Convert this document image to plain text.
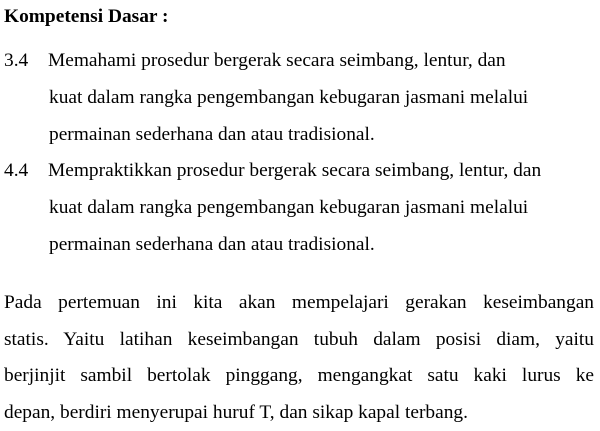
Kompetensi Dasar :
3.4 Memahami prosedur bergerak secara seimbang, lentur, dan
kuat dalam rangka pengembangan kebugaran jasmani melalui
permainan sederhana dan atau tradisional.
4.4 Mempraktikkan prosedur bergerak secara seimbang, lentur, dan
kuat dalam rangka pengembangan kebugaran jasmani melalui
permainan sederhana dan atau tradisional.
Pada pertemuan ini kita akan mempelajari gerakan keseimbangan
statis. Yaitu latihan keseimbangan tubuh dalam posisi diam, yaitu
berjinjit sambil bertolak pinggang, mengangkat satu kaki lurus ke
depan, berdiri menyerupai huruf T, dan sikap kapal terbang.
